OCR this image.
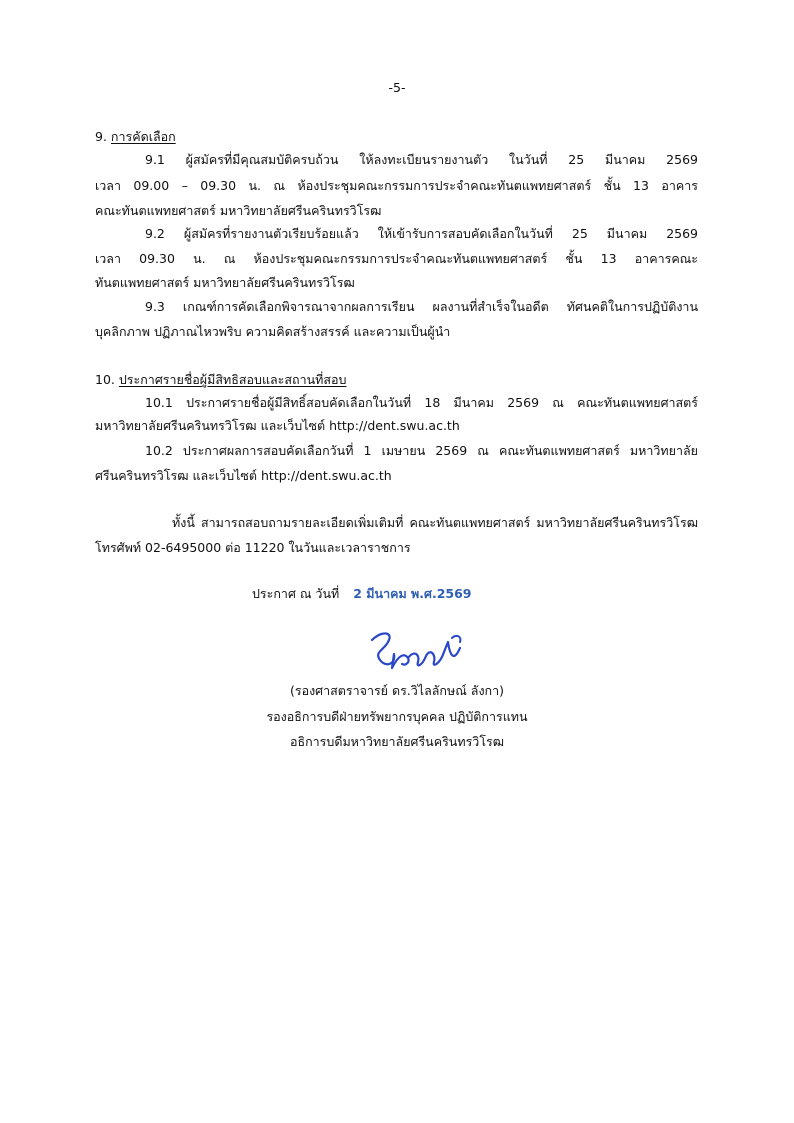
-5-
9. การคัดเลือก
9.1 ผู้สมัครที่มีคุณสมบัติครบถ้วน ให้ลงทะเบียนรายงานตัว ในวันที่ 25 มีนาคม 2569
เวลา 09.00 – 09.30 น. ณ ห้องประชุมคณะกรรมการประจำคณะทันตแพทยศาสตร์ ชั้น 13 อาคาร
คณะทันตแพทยศาสตร์ มหาวิทยาลัยศรีนครินทรวิโรฒ
9.2 ผู้สมัครที่รายงานตัวเรียบร้อยแล้ว ให้เข้ารับการสอบคัดเลือกในวันที่ 25 มีนาคม 2569
เวลา 09.30 น. ณ ห้องประชุมคณะกรรมการประจำคณะทันตแพทยศาสตร์ ชั้น 13 อาคารคณะ
ทันตแพทยศาสตร์ มหาวิทยาลัยศรีนครินทรวิโรฒ
9.3 เกณฑ์การคัดเลือกพิจารณาจากผลการเรียน ผลงานที่สำเร็จในอดีต ทัศนคติในการปฏิบัติงาน
บุคลิกภาพ ปฏิภาณไหวพริบ ความคิดสร้างสรรค์ และความเป็นผู้นำ
10. ประกาศรายชื่อผู้มีสิทธิสอบและสถานที่สอบ
10.1 ประกาศรายชื่อผู้มีสิทธิ์สอบคัดเลือกในวันที่ 18 มีนาคม 2569 ณ คณะทันตแพทยศาสตร์
มหาวิทยาลัยศรีนครินทรวิโรฒ และเว็บไซต์ http://dent.swu.ac.th
10.2 ประกาศผลการสอบคัดเลือกวันที่ 1 เมษายน 2569 ณ คณะทันตแพทยศาสตร์ มหาวิทยาลัย
ศรีนครินทรวิโรฒ และเว็บไซต์ http://dent.swu.ac.th
ทั้งนี้ สามารถสอบถามรายละเอียดเพิ่มเติมที่ คณะทันตแพทยศาสตร์ มหาวิทยาลัยศรีนครินทรวิโรฒ
โทรศัพท์ 02-6495000 ต่อ 11220 ในวันและเวลาราชการ
ประกาศ ณ วันที่ 2 มีนาคม พ.ศ.2569
(รองศาสตราจารย์ ดร.วิไลลักษณ์ ลังกา)
รองอธิการบดีฝ่ายทรัพยากรบุคคล ปฏิบัติการแทน
อธิการบดีมหาวิทยาลัยศรีนครินทรวิโรฒ
